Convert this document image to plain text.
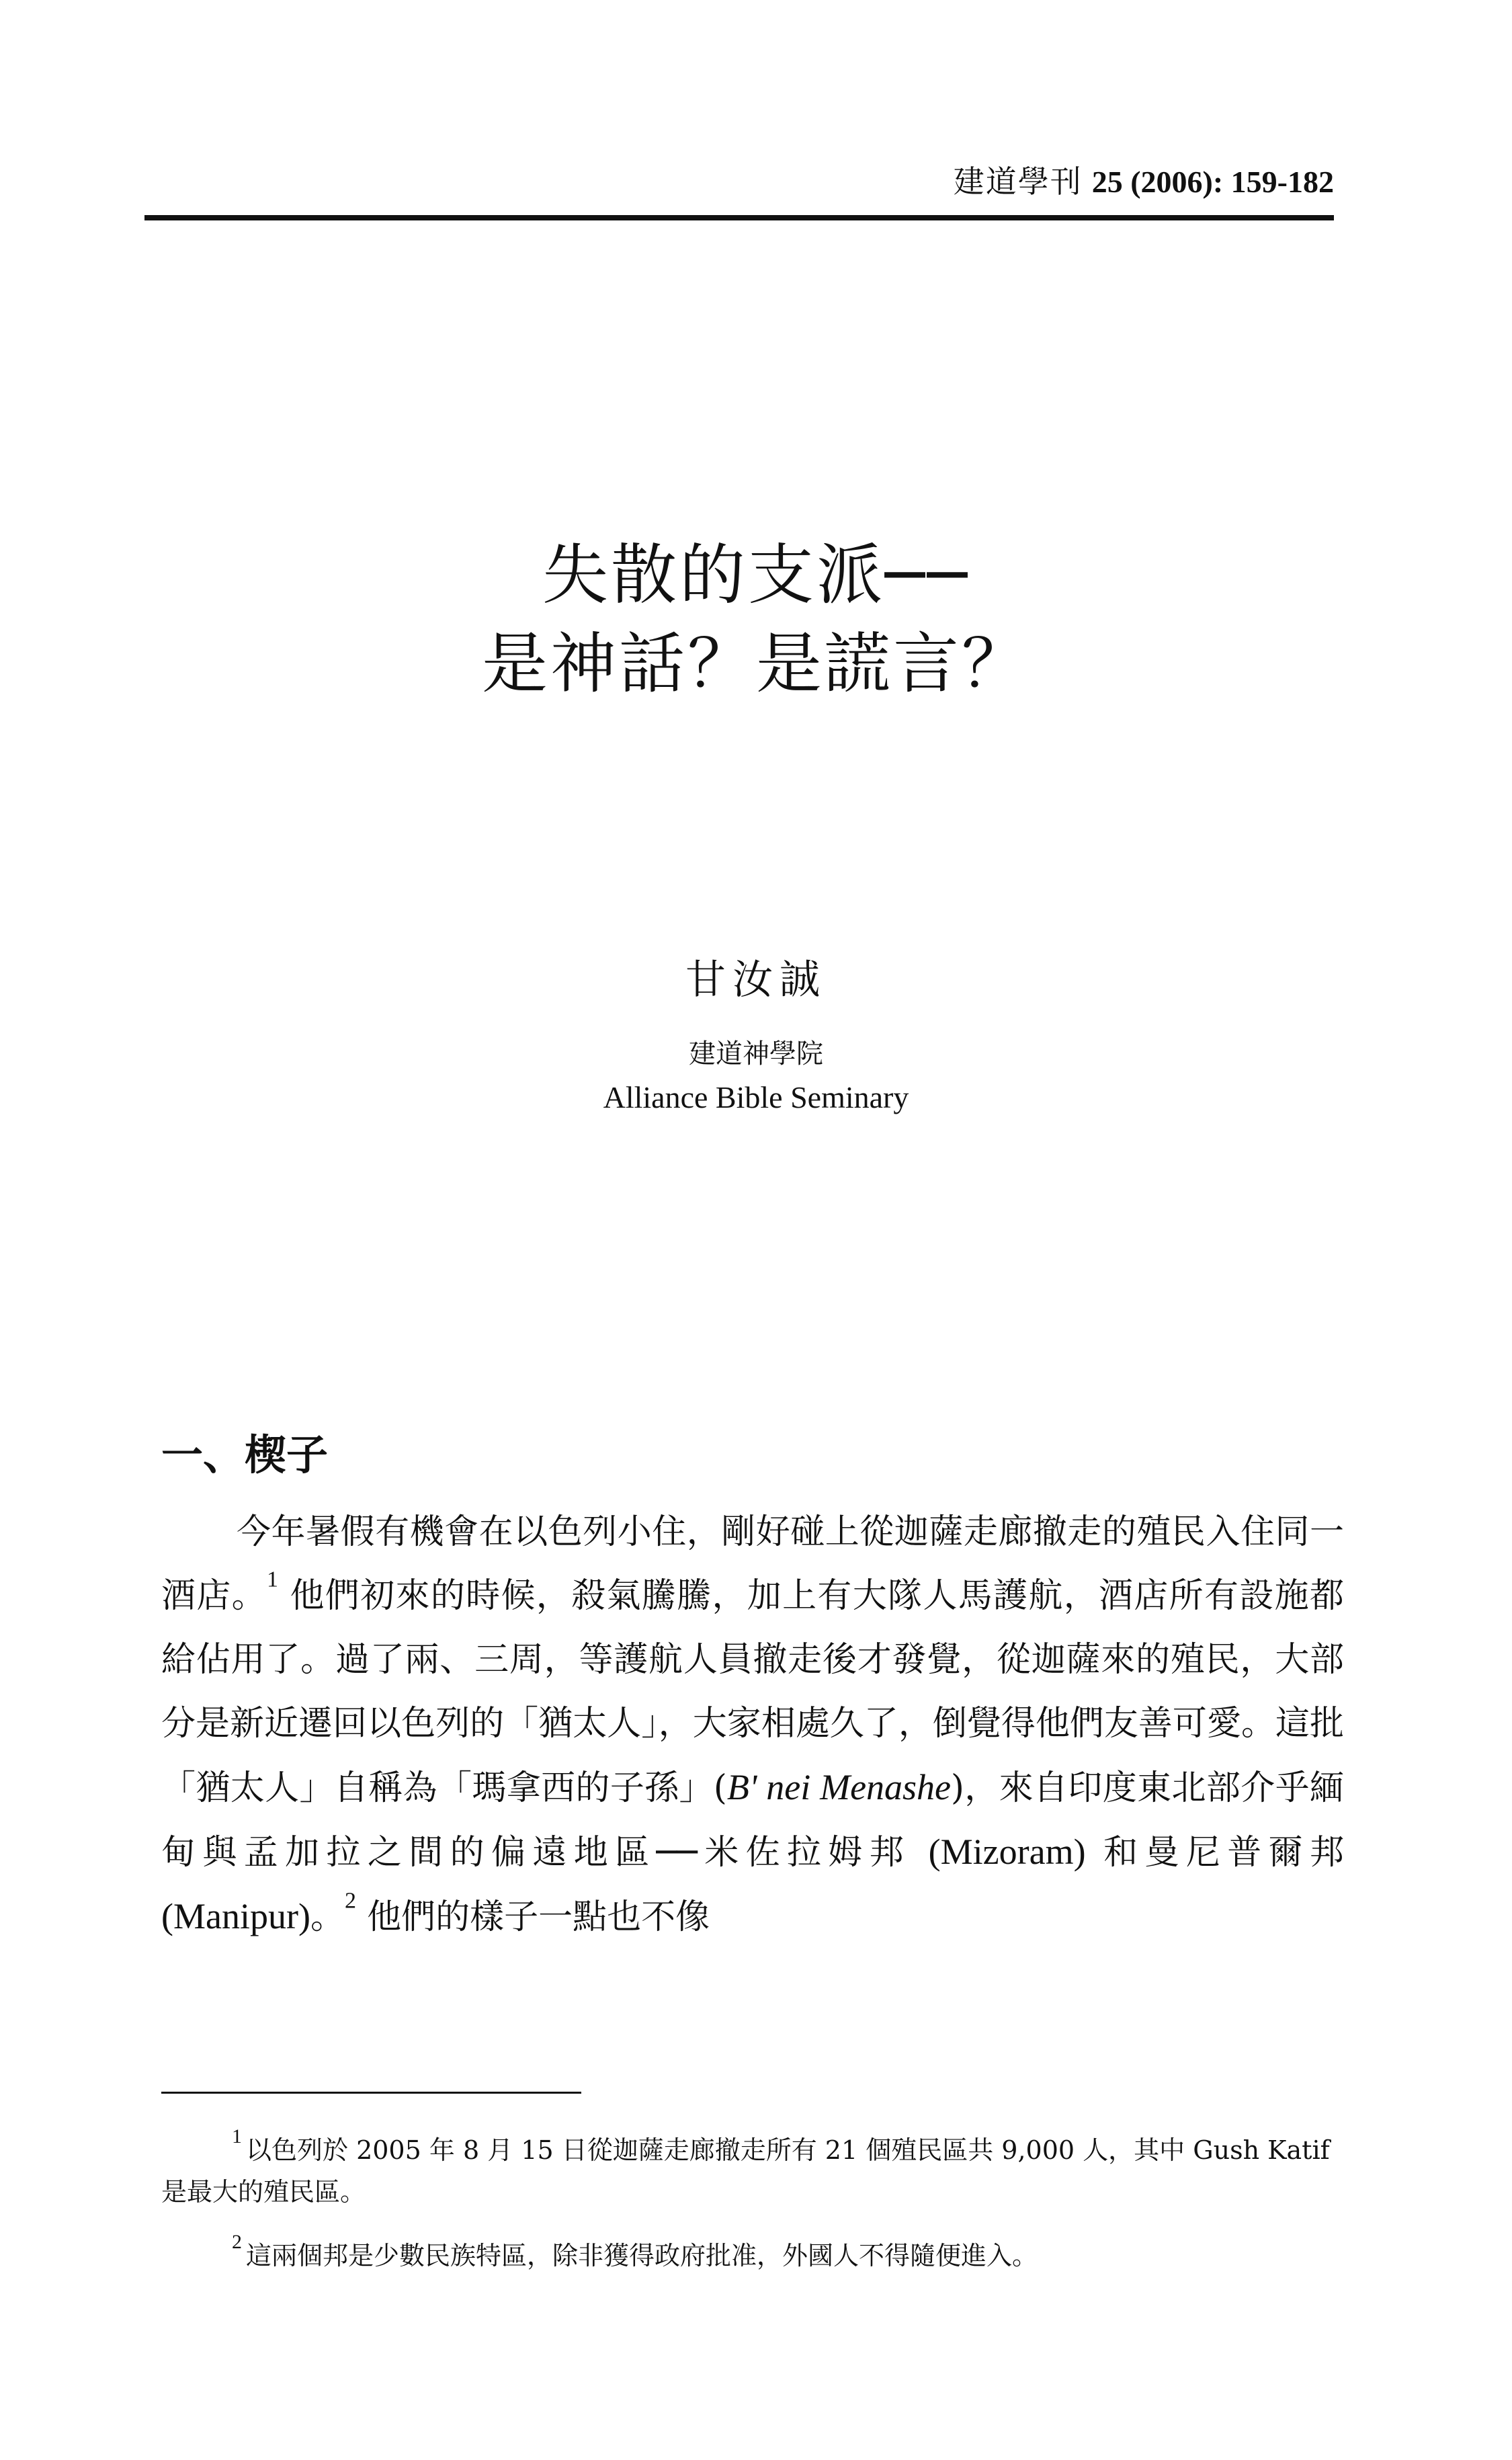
建道學刊 25 (2006): 159-182
失散的支派──
是神話？是謊言？
甘汝誠
建道神學院
Alliance Bible Seminary
一、楔子

今年暑假有機會在以色列小住，剛好碰上從迦薩走廊撤走的殖民入住同一酒店。$^1$ 他們初來的時候，殺氣騰騰，加上有大隊人馬護航，酒店所有設施都給佔用了。過了兩、三周，等護航人員撤走後才發覺，從迦薩來的殖民，大部分是新近遷回以色列的「猶太人」，大家相處久了，倒覺得他們友善可愛。這批「猶太人」自稱為「瑪拿西的子孫」(B' nei Menashe)，來自印度東北部介乎緬甸與孟加拉之間的偏遠地區──米佐拉姆邦 (Mizoram) 和曼尼普爾邦 (Manipur)。$^2$ 他們的樣子一點也不像

$^1$ 以色列於 2005 年 8 月 15 日從迦薩走廊撤走所有 21 個殖民區共 9,000 人，其中 Gush Katif 是最大的殖民區。

$^2$ 這兩個邦是少數民族特區，除非獲得政府批准，外國人不得隨便進入。
